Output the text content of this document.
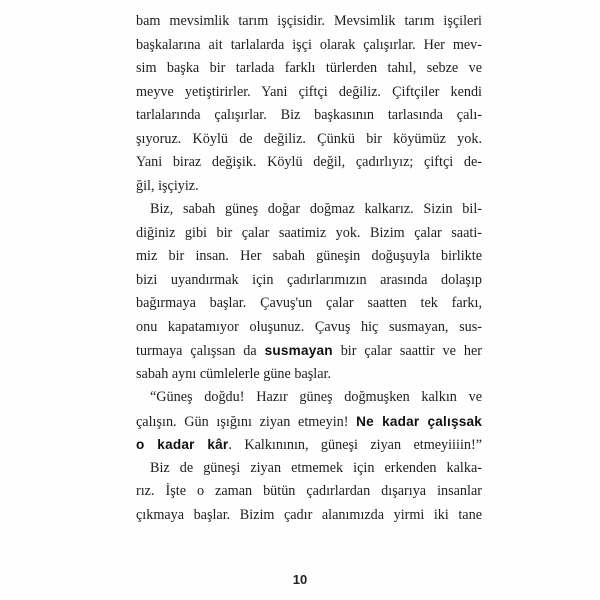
bam mevsimlik tarım işçisidir. Mevsimlik tarım işçileri
başkalarına ait tarlalarda işçi olarak çalışırlar. Her mev-
sim başka bir tarlada farklı türlerden tahıl, sebze ve
meyve yetiştirirler. Yani çiftçi değiliz. Çiftçiler kendi
tarlalarında çalışırlar. Biz başkasının tarlasında çalı-
şıyoruz. Köylü de değiliz. Çünkü bir köyümüz yok.
Yani biraz değişik. Köylü değil, çadırlıyız; çiftçi de-
ğil, işçiyiz.
Biz, sabah güneş doğar doğmaz kalkarız. Sizin bil-
diğiniz gibi bir çalar saatimiz yok. Bizim çalar saati-
miz bir insan. Her sabah güneşin doğuşuyla birlikte
bizi uyandırmak için çadırlarımızın arasında dolaşıp
bağırmaya başlar. Çavuş'un çalar saatten tek farkı,
onu kapatamıyor oluşunuz. Çavuş hiç susmayan, sus-
turmaya çalışsan da susmayan bir çalar saattir ve her
sabah aynı cümlelerle güne başlar.
“Güneş doğdu! Hazır güneş doğmuşken kalkın ve
çalışın. Gün ışığını ziyan etmeyin! Ne kadar çalışsak
o kadar kâr. Kalkınının, güneşi ziyan etmeyiiiin!”
Biz de güneşi ziyan etmemek için erkenden kalka-
rız. İşte o zaman bütün çadırlardan dışarıya insanlar
çıkmaya başlar. Bizim çadır alanımızda yirmi iki tane
10
